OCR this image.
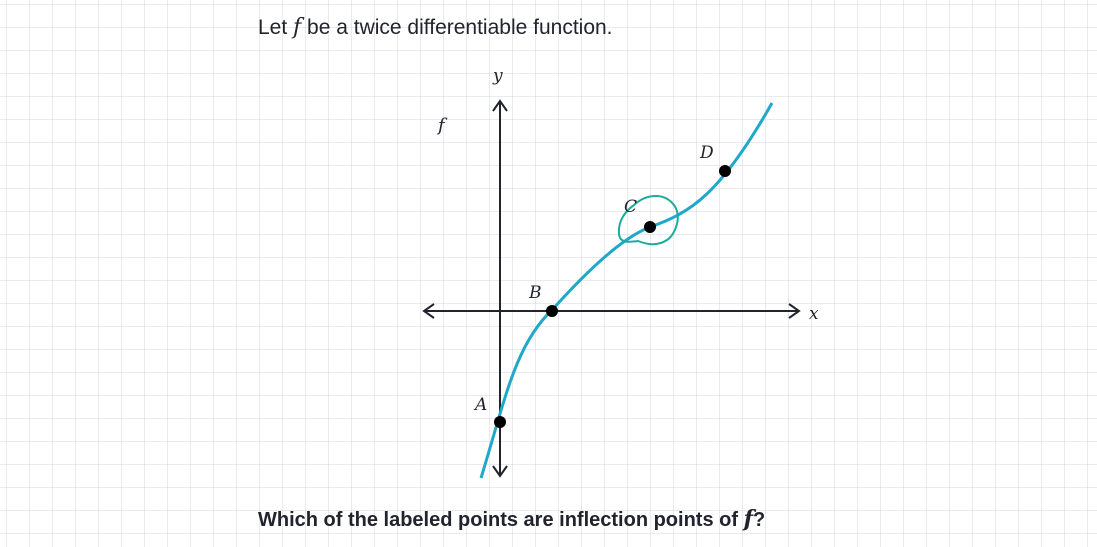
Let f be a twice differentiable function.
f
x
y
A
B
C
D
Which of the labeled points are inflection points of f?
